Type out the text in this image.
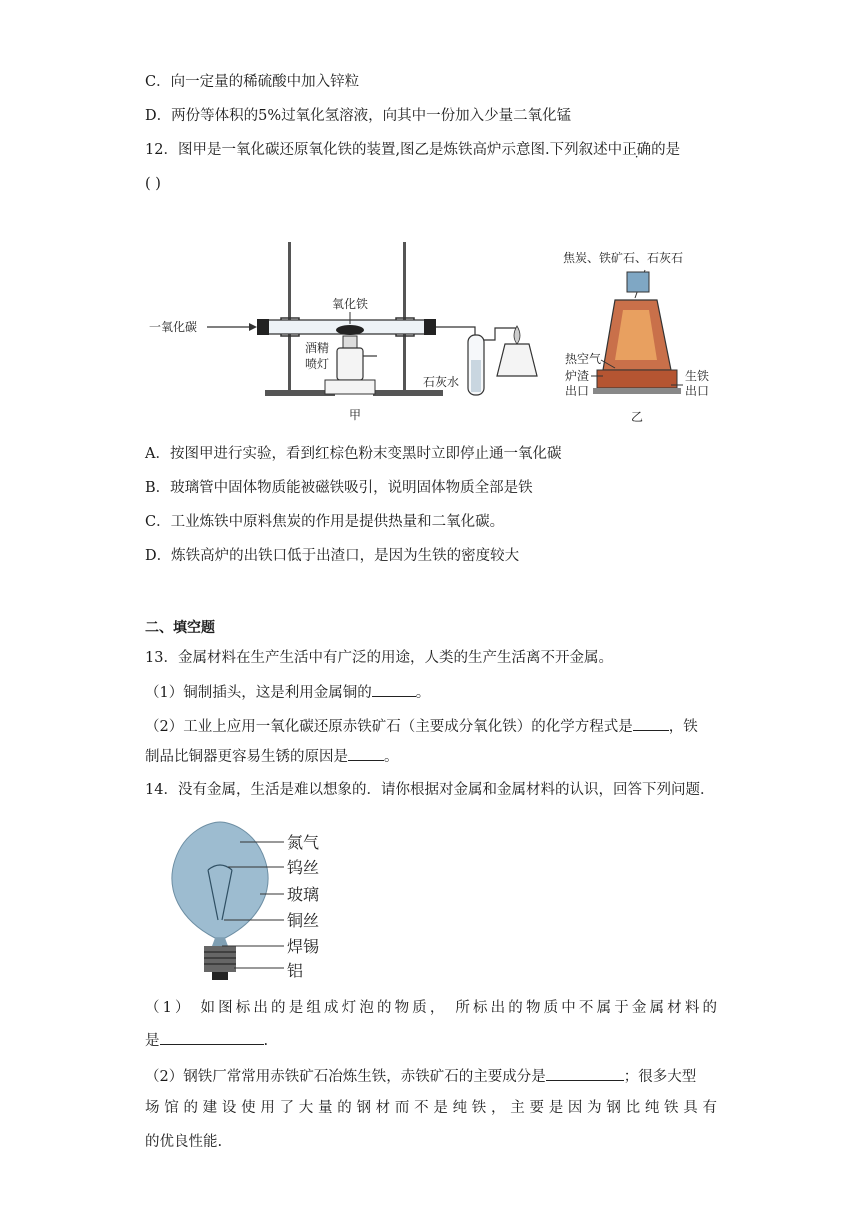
C．向一定量的稀硫酸中加入锌粒
D．两份等体积的5%过氧化氢溶液，向其中一份加入少量二氧化锰
12．图甲是一氧化碳还原氧化铁的装置,图乙是炼铁高炉示意图.下列叙述中正确的是
( )
一氧化碳
氧化铁
酒精
喷灯
石灰水
甲
焦炭、铁矿石、石灰石
热空气
炉渣
出口
生铁
出口
乙
A．按图甲进行实验，看到红棕色粉末变黑时立即停止通一氧化碳
B．玻璃管中固体物质能被磁铁吸引，说明固体物质全部是铁
C．工业炼铁中原料焦炭的作用是提供热量和二氧化碳。
D．炼铁高炉的出铁口低于出渣口，是因为生铁的密度较大
二、填空题
13．金属材料在生产生活中有广泛的用途，人类的生产生活离不开金属。
（1）铜制插头，这是利用金属铜的	。
（2）工业上应用一氧化碳还原赤铁矿石（主要成分氧化铁）的化学方程式是 ，铁
制品比铜器更容易生锈的原因是 。
14．没有金属，生活是难以想象的．请你根据对金属和金属材料的认识，回答下列问题．
氮气
钨丝
玻璃
铜丝
焊锡
铝
（1） 如图标出的是组成灯泡的物质， 所标出的物质中不属于金属材料的
是	.
（2）钢铁厂常常用赤铁矿石冶炼生铁，赤铁矿石的主要成分是	；很多大型
场 馆 的 建 设 使 用 了 大 量 的 钢 材 而 不 是 纯 铁 ， 主 要 是 因 为 钢 比 纯 铁 具 有
的优良性能.
